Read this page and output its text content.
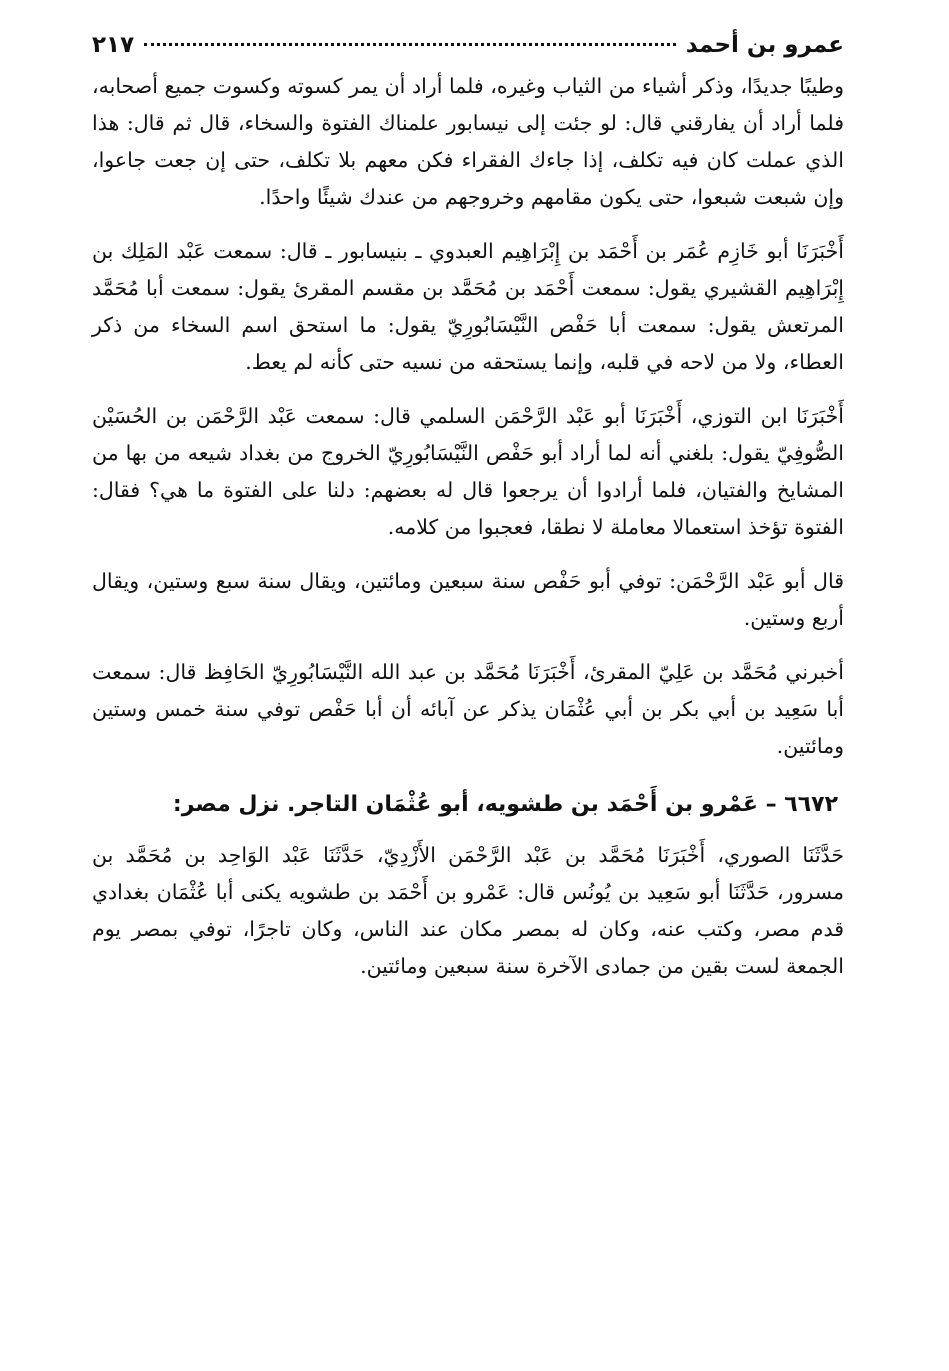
عمرو بن أحمد
٢١٧

وطيبًا جديدًا، وذكر أشياء من الثياب وغيره، فلما أراد أن يمر كسوته وكسوت جميع أصحابه، فلما أراد أن يفارقني قال: لو جئت إلى نيسابور علمناك الفتوة والسخاء، قال ثم قال: هذا الذي عملت كان فيه تكلف، إذا جاءك الفقراء فكن معهم بلا تكلف، حتى إن جعت جاعوا، وإن شبعت شبعوا، حتى يكون مقامهم وخروجهم من عندك شيئًا واحدًا.

أَخْبَرَنَا أبو خَازِم عُمَر بن أَحْمَد بن إِبْرَاهِيم العبدوي ـ بنيسابور ـ قال: سمعت عَبْد المَلِك بن إِبْرَاهِيم القشيري يقول: سمعت أَحْمَد بن مُحَمَّد بن مقسم المقرئ يقول: سمعت أبا مُحَمَّد المرتعش يقول: سمعت أبا حَفْص النَّيْسَابُورِيّ يقول: ما استحق اسم السخاء من ذكر العطاء، ولا من لاحه في قلبه، وإنما يستحقه من نسيه حتى كأنه لم يعط.

أَخْبَرَنَا ابن التوزي، أَخْبَرَنَا أبو عَبْد الرَّحْمَن السلمي قال: سمعت عَبْد الرَّحْمَن بن الحُسَيْن الصُّوفِيّ يقول: بلغني أنه لما أراد أبو حَفْص النَّيْسَابُورِيّ الخروج من بغداد شيعه من بها من المشايخ والفتيان، فلما أرادوا أن يرجعوا قال له بعضهم: دلنا على الفتوة ما هي؟ فقال: الفتوة تؤخذ استعمالا معاملة لا نطقا، فعجبوا من كلامه.

قال أبو عَبْد الرَّحْمَن: توفي أبو حَفْص سنة سبعين ومائتين، ويقال سنة سبع وستين، ويقال أربع وستين.

أخبرني مُحَمَّد بن عَلِيّ المقرئ، أَخْبَرَنَا مُحَمَّد بن عبد الله النَّيْسَابُورِيّ الحَافِظ قال: سمعت أبا سَعِيد بن أبي بكر بن أبي عُثْمَان يذكر عن آبائه أن أبا حَفْص توفي سنة خمس وستين ومائتين.

٦٦٧٢ – عَمْرو بن أَحْمَد بن طشويه، أبو عُثْمَان التاجر. نزل مصر:

حَدَّثَنَا الصوري، أَخْبَرَنَا مُحَمَّد بن عَبْد الرَّحْمَن الأَزْدِيّ، حَدَّثَنَا عَبْد الوَاحِد بن مُحَمَّد بن مسرور، حَدَّثَنَا أبو سَعِيد بن يُونُس قال: عَمْرو بن أَحْمَد بن طشويه يكنى أبا عُثْمَان بغدادي قدم مصر، وكتب عنه، وكان له بمصر مكان عند الناس، وكان تاجرًا، توفي بمصر يوم الجمعة لست بقين من جمادى الآخرة سنة سبعين ومائتين.
